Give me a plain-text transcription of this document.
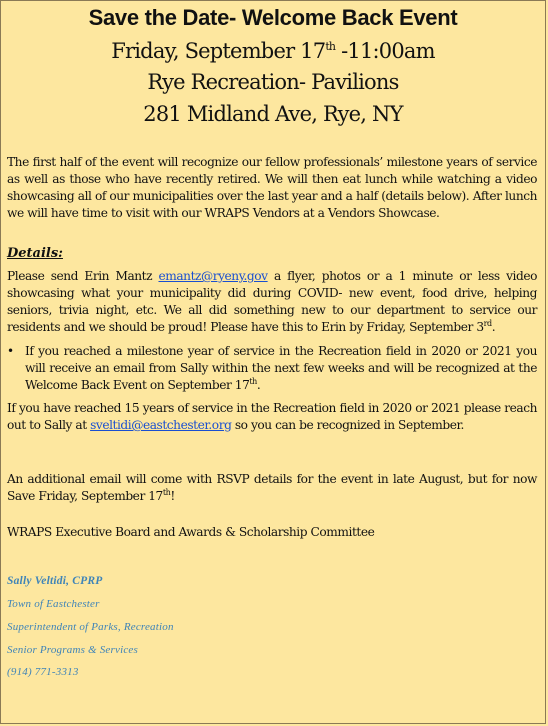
Save the Date- Welcome Back Event
Friday, September 17th -11:00am
Rye Recreation- Pavilions
281 Midland Ave, Rye, NY
The first half of the event will recognize our fellow professionals’ milestone years of service as well as those who have recently retired. We will then eat lunch while watching a video showcasing all of our municipalities over the last year and a half (details below). After lunch we will have time to visit with our WRAPS Vendors at a Vendors Showcase.
Details:
Please send Erin Mantz emantz@ryeny.gov a flyer, photos or a 1 minute or less video showcasing what your municipality did during COVID- new event, food drive, helping seniors, trivia night, etc. We all did something new to our department to service our residents and we should be proud! Please have this to Erin by Friday, September 3rd.
• If you reached a milestone year of service in the Recreation field in 2020 or 2021 you will receive an email from Sally within the next few weeks and will be recognized at the Welcome Back Event on September 17th.
If you have reached 15 years of service in the Recreation field in 2020 or 2021 please reach out to Sally at sveltidi@eastchester.org so you can be recognized in September.
An additional email will come with RSVP details for the event in late August, but for now Save Friday, September 17th!
WRAPS Executive Board and Awards & Scholarship Committee
Sally Veltidi, CPRP
Town of Eastchester
Superintendent of Parks, Recreation
Senior Programs & Services
(914) 771-3313
